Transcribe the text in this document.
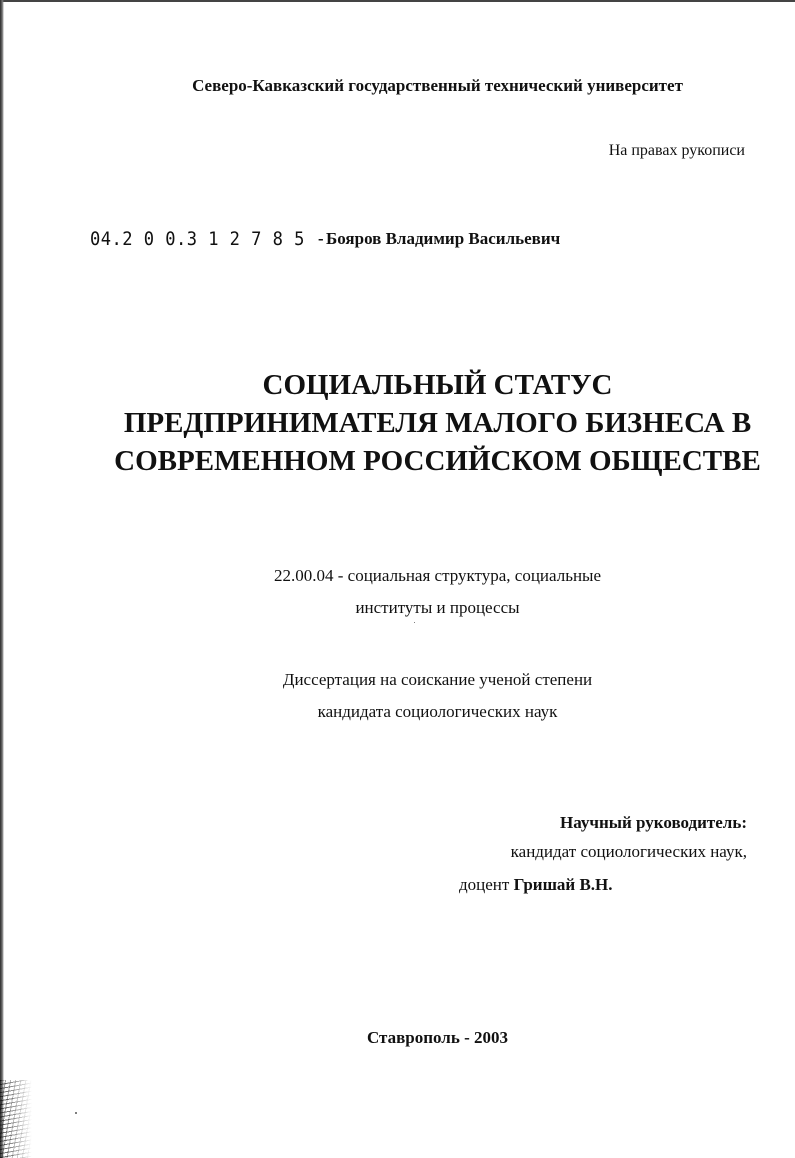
Северо-Кавказский государственный технический университет
На правах рукописи
04.2 0 0.3 1 2 7 8 5 - Бояров Владимир Васильевич
СОЦИАЛЬНЫЙ СТАТУС
ПРЕДПРИНИМАТЕЛЯ МАЛОГО БИЗНЕСА В
СОВРЕМЕННОМ РОССИЙСКОМ ОБЩЕСТВЕ
22.00.04 - социальная структура, социальные
институты и процессы
Диссертация на соискание ученой степени
кандидата социологических наук
Научный руководитель:
кандидат социологических наук,
доцент Гришай В.Н.
Ставрополь - 2003
